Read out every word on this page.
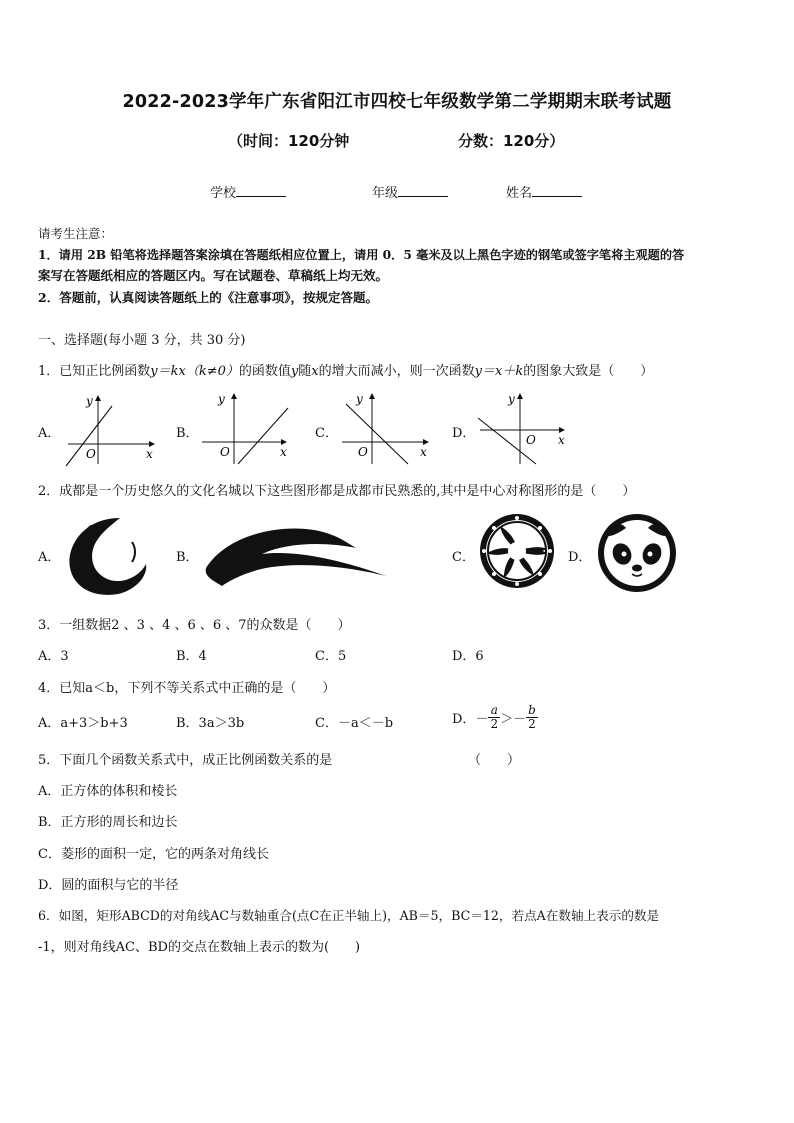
2022-2023学年广东省阳江市四校七年级数学第二学期期末联考试题
（时间：120分钟	分数：120分）
学校	年级	姓名
请考生注意：
1．请用 2B 铅笔将选择题答案涂填在答题纸相应位置上，请用 0．5 毫米及以上黑色字迹的钢笔或签字笔将主观题的答
案写在答题纸相应的答题区内。写在试题卷、草稿纸上均无效。
2．答题前，认真阅读答题纸上的《注意事项》，按规定答题。
一、选择题(每小题 3 分，共 30 分)
1．已知正比例函数y＝kx（k≠0）的函数值y随x的增大而减小，则一次函数y＝x＋k的图象大致是（　　）
A．	B．	C．	D．
x
y
O	x
y
O	x
y
O
x
y
O
2．成都是一个历史悠久的文化名城以下这些图形都是成都市民熟悉的,其中是中心对称图形的是（　　）
A．	B．	C．	D．
3．一组数据2 、3 、4 、6 、6 、7的众数是（　　）
A．3	B．4	C．5	D．6
4．已知a＜b，下列不等关系式中正确的是（　　）
A．a+3＞b+3	B．3a＞3b	C．－a＜－b	D．－ $\frac{a}{2} >- \frac{b}{2}$
5．下面几个函数关系式中，成正比例函数关系的是	（　　）
A．正方体的体积和棱长
B．正方形的周长和边长
C．菱形的面积一定，它的两条对角线长
D．圆的面积与它的半径
6．如图，矩形ABCD的对角线AC与数轴重合(点C在正半轴上)，AB＝5，BC＝12，若点A在数轴上表示的数是
-1，则对角线AC、BD的交点在数轴上表示的数为(　　)
